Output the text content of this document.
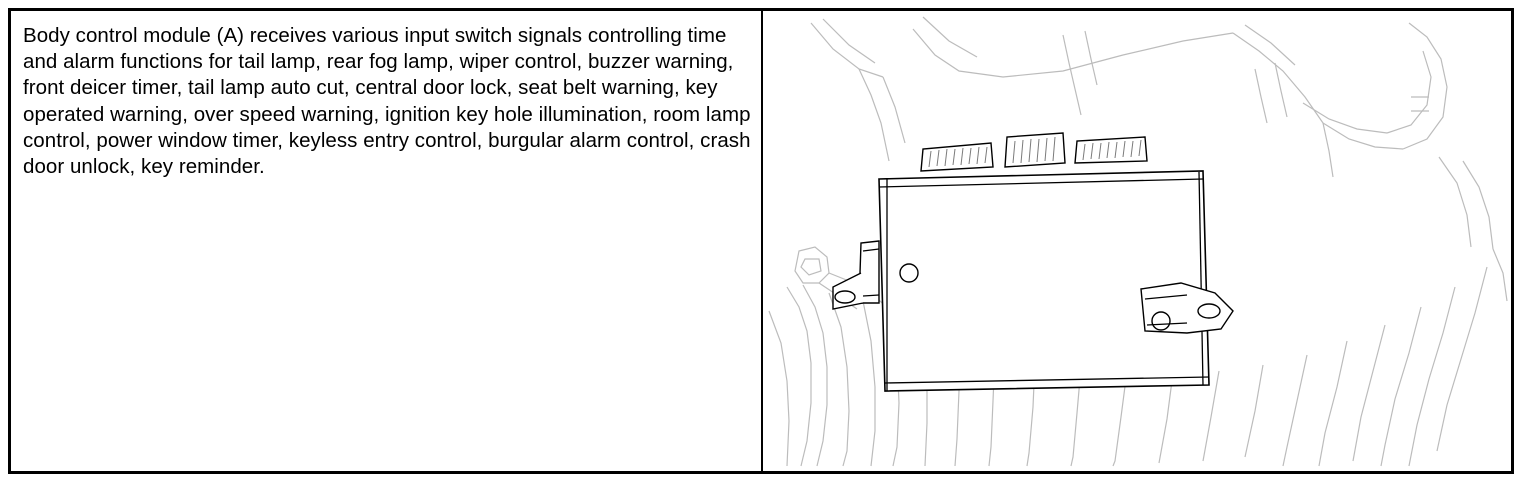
Body control module (A) receives various input switch signals controlling time and alarm functions for tail lamp, rear fog lamp, wiper control, buzzer warning, front deicer timer, tail lamp auto cut, central door lock, seat belt warning, key operated warning, over speed warning, ignition key hole illumination, room lamp control, power window timer, keyless entry control, burgular alarm control, crash door unlock, key reminder.
